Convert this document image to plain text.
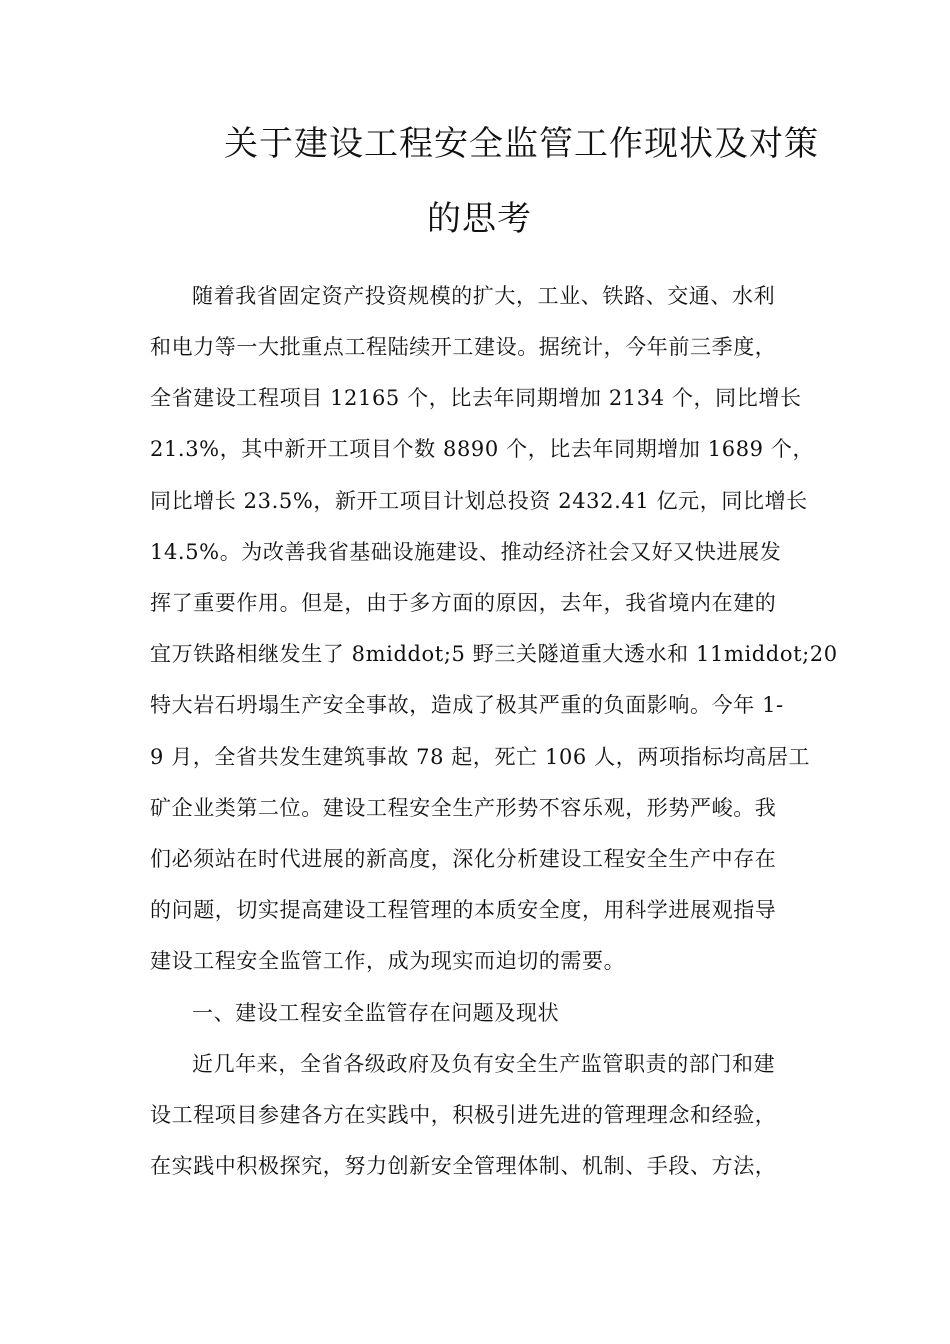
关于建设工程安全监管工作现状及对策
的思考
随着我省固定资产投资规模的扩大，工业、铁路、交通、水利
和电力等一大批重点工程陆续开工建设。据统计，今年前三季度，
全省建设工程项目 12165 个，比去年同期增加 2134 个，同比增长
21.3%，其中新开工项目个数 8890 个，比去年同期增加 1689 个，
同比增长 23.5%，新开工项目计划总投资 2432.41 亿元，同比增长
14.5%。为改善我省基础设施建设、推动经济社会又好又快进展发
挥了重要作用。但是，由于多方面的原因，去年，我省境内在建的
宜万铁路相继发生了 8middot;5 野三关隧道重大透水和 11middot;20
特大岩石坍塌生产安全事故，造成了极其严重的负面影响。今年 1-
9 月，全省共发生建筑事故 78 起，死亡 106 人，两项指标均高居工
矿企业类第二位。建设工程安全生产形势不容乐观，形势严峻。我
们必须站在时代进展的新高度，深化分析建设工程安全生产中存在
的问题，切实提高建设工程管理的本质安全度，用科学进展观指导
建设工程安全监管工作，成为现实而迫切的需要。
一、建设工程安全监管存在问题及现状
近几年来，全省各级政府及负有安全生产监管职责的部门和建
设工程项目参建各方在实践中，积极引进先进的管理理念和经验，
在实践中积极探究，努力创新安全管理体制、机制、手段、方法，
